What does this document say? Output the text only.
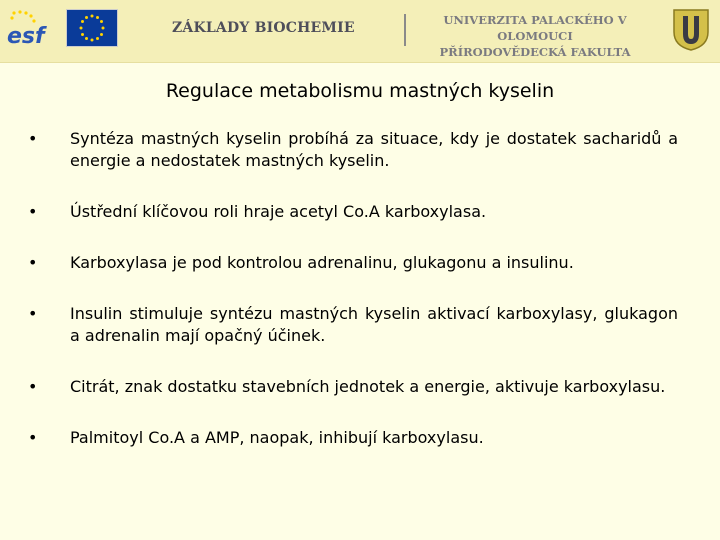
esf	ZÁKLADY BIOCHEMIE	UNIVERZITA PALACKÉHO V OLOMOUCI
PŘÍRODOVĚDECKÁ FAKULTA
Regulace metabolismu mastných kyselin
• Syntéza mastných kyselin probíhá za situace, kdy je dostatek sacharidů a energie a nedostatek mastných kyselin.
• Ústřední klíčovou roli hraje acetyl Co.A karboxylasa.
• Karboxylasa je pod kontrolou adrenalinu, glukagonu a insulinu.
• Insulin stimuluje syntézu mastných kyselin aktivací karboxylasy, glukagon a adrenalin mají opačný účinek.
• Citrát, znak dostatku stavebních jednotek a energie, aktivuje karboxylasu.
• Palmitoyl Co.A a AMP, naopak, inhibují karboxylasu.
